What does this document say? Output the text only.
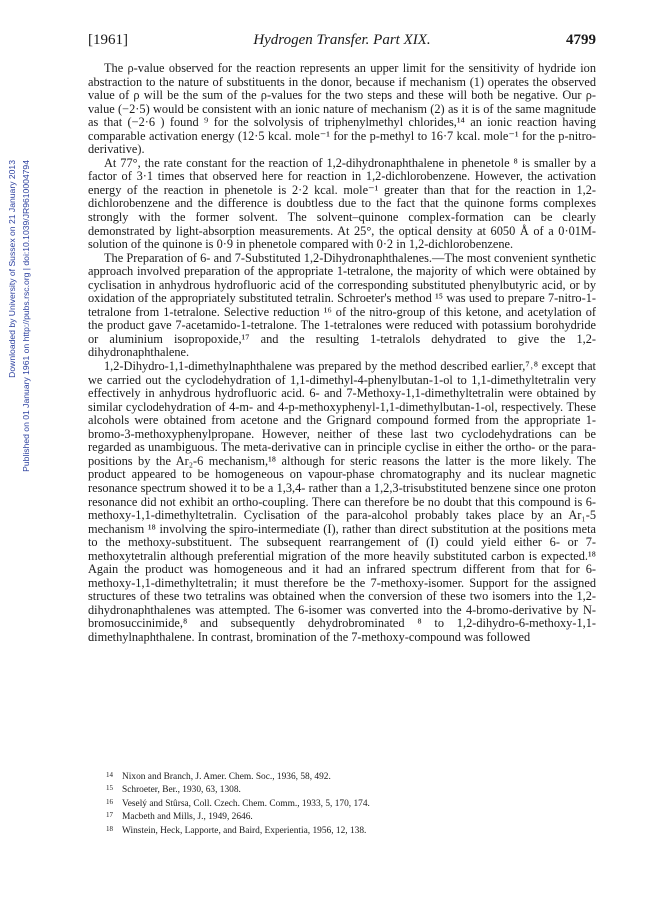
[1961]	Hydrogen Transfer. Part XIX.	4799
Downloaded by University of Sussex on 21 January 2013 Published on 01 January 1961 on http://pubs.rsc.org | doi:10.1039/JR9610004794

The ρ-value observed for the reaction represents an upper limit for the sensitivity of hydride ion abstraction to the nature of substituents in the donor, because if mechanism (1) operates the observed value of ρ will be the sum of the ρ-values for the two steps and these will both be negative. Our ρ-value (−2·5) would be consistent with an ionic nature of mechanism (2) as it is of the same magnitude as that (−2·6 ) found ⁹ for the solvolysis of triphenylmethyl chlorides,¹⁴ an ionic reaction having comparable activation energy (12·5 kcal. mole⁻¹ for the p-methyl to 16·7 kcal. mole⁻¹ for the p-nitro-derivative).

At 77°, the rate constant for the reaction of 1,2-dihydronaphthalene in phenetole ⁸ is smaller by a factor of 3·1 times that observed here for reaction in 1,2-dichlorobenzene. However, the activation energy of the reaction in phenetole is 2·2 kcal. mole⁻¹ greater than that for the reaction in 1,2-dichlorobenzene and the difference is doubtless due to the fact that the quinone forms complexes strongly with the former solvent. The solvent–quinone complex-formation can be clearly demonstrated by light-absorption measurements. At 25°, the optical density at 6050 Å of a 0·01M-solution of the quinone is 0·9 in phenetole compared with 0·2 in 1,2-dichlorobenzene.

The Preparation of 6- and 7-Substituted 1,2-Dihydronaphthalenes.—The most convenient synthetic approach involved preparation of the appropriate 1-tetralone, the majority of which were obtained by cyclisation in anhydrous hydrofluoric acid of the corresponding substituted phenylbutyric acid, or by oxidation of the appropriately substituted tetralin. Schroeter's method ¹⁵ was used to prepare 7-nitro-1-tetralone from 1-tetralone. Selective reduction ¹⁶ of the nitro-group of this ketone, and acetylation of the product gave 7-acetamido-1-tetralone. The 1-tetralones were reduced with potassium borohydride or aluminium isopropoxide,¹⁷ and the resulting 1-tetralols dehydrated to give the 1,2-dihydronaphthalene.

1,2-Dihydro-1,1-dimethylnaphthalene was prepared by the method described earlier,⁷˒⁸ except that we carried out the cyclodehydration of 1,1-dimethyl-4-phenylbutan-1-ol to 1,1-dimethyltetralin very effectively in anhydrous hydrofluoric acid. 6- and 7-Methoxy-1,1-dimethyltetralin were obtained by similar cyclodehydration of 4-m- and 4-p-methoxyphenyl-1,1-dimethylbutan-1-ol, respectively. These alcohols were obtained from acetone and the Grignard compound formed from the appropriate 1-bromo-3-methoxyphenylpropane. However, neither of these last two cyclodehydrations can be regarded as unambiguous. The meta-derivative can in principle cyclise in either the ortho- or the para-positions by the Ar₂-6 mechanism,¹⁸ although for steric reasons the latter is the more likely. The product appeared to be homogeneous on vapour-phase chromatography and its nuclear magnetic resonance spectrum showed it to be a 1,3,4- rather than a 1,2,3-trisubstituted benzene since one proton resonance did not exhibit an ortho-coupling. There can therefore be no doubt that this compound is 6-methoxy-1,1-dimethyltetralin. Cyclisation of the para-alcohol probably takes place by an Ar₁-5 mechanism ¹⁸ involving the spiro-intermediate (I), rather than direct substitution at the positions meta to the methoxy-substituent. The subsequent rearrangement of (I) could yield either 6- or 7-methoxytetralin although preferential migration of the more heavily substituted carbon is expected.¹⁸ Again the product was homogeneous and it had an infrared spectrum different from that for 6-methoxy-1,1-dimethyltetralin; it must therefore be the 7-methoxy-isomer. Support for the assigned structures of these two tetralins was obtained when the conversion of these two isomers into the 1,2-dihydronaphthalenes was attempted. The 6-isomer was converted into the 4-bromo-derivative by N-bromosuccinimide,⁸ and subsequently dehydrobrominated ⁸ to 1,2-dihydro-6-methoxy-1,1-dimethylnaphthalene. In contrast, bromination of the 7-methoxy-compound was followed

14 Nixon and Branch, J. Amer. Chem. Soc., 1936, 58, 492.
15 Schroeter, Ber., 1930, 63, 1308.
16 Veselý and Stûrsa, Coll. Czech. Chem. Comm., 1933, 5, 170, 174.
17 Macbeth and Mills, J., 1949, 2646.
18 Winstein, Heck, Lapporte, and Baird, Experientia, 1956, 12, 138.
